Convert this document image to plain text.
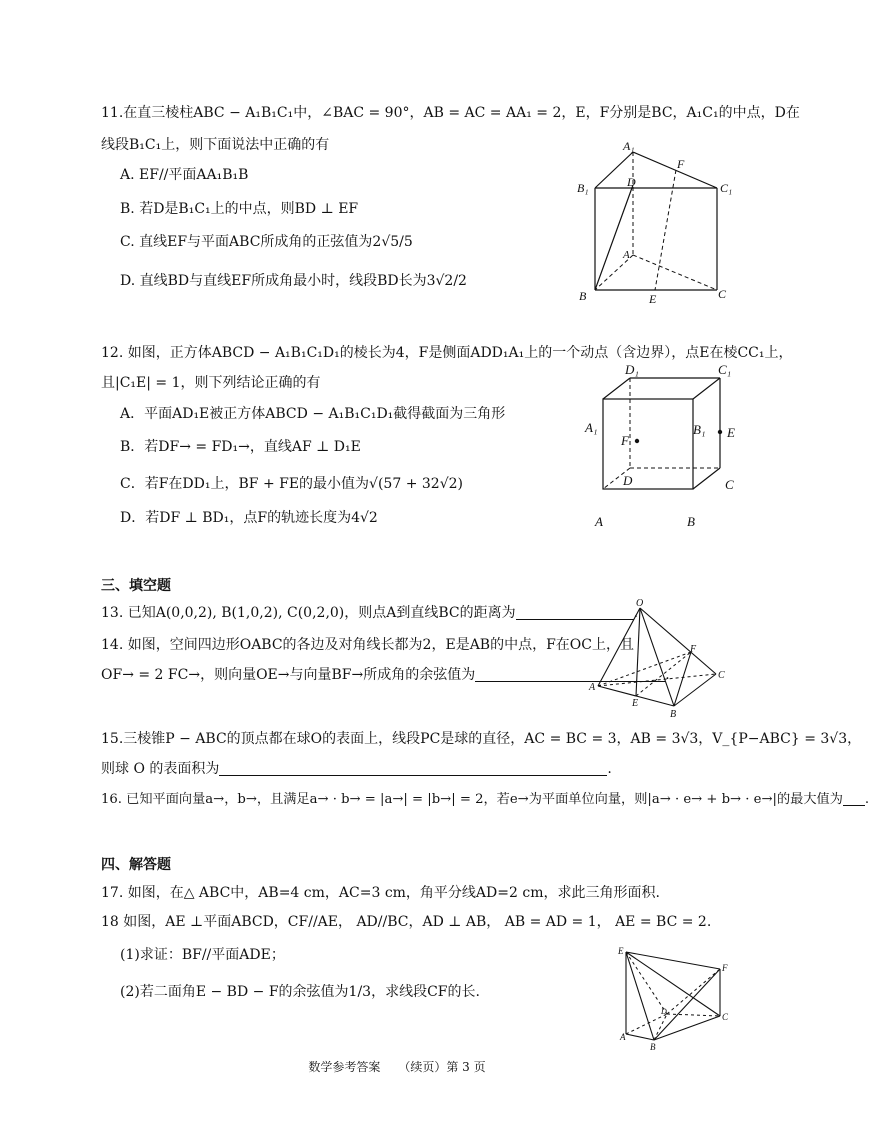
11.在直三棱柱ABC − A₁B₁C₁中，∠BAC = 90°，AB = AC = AA₁ = 2，E，F分别是BC，A₁C₁的中点，D在
线段B₁C₁上，则下面说法中正确的有
A. EF//平面AA₁B₁B
B. 若D是B₁C₁上的中点，则BD ⊥ EF
C. 直线EF与平面ABC所成角的正弦值为2√5/5
D. 直线BD与直线EF所成角最小时，线段BD长为3√2/2
A₁
B₁	C₁
D
F
A
B	E	C
12. 如图，正方体ABCD − A₁B₁C₁D₁的棱长为4，F是侧面ADD₁A₁上的一个动点（含边界），点E在棱CC₁上，
且|C₁E| = 1，则下列结论正确的有
A．平面AD₁E被正方体ABCD − A₁B₁C₁D₁截得截面为三角形
B．若DF→ = FD₁→，直线AF ⊥ D₁E
C．若F在DD₁上，BF + FE的最小值为√(57 + 32√2)
D．若DF ⊥ BD₁，点F的轨迹长度为4√2
D₁	C₁
A₁	B₁ E
F
D	C
A	B
三、填空题
13. 已知A(0,0,2), B(1,0,2), C(0,2,0)，则点A到直线BC的距离为	.
14. 如图，空间四边形OABC的各边及对角线长都为2，E是AB的中点，F在OC上，且
OF→ = 2 FC→，则向量OE→与向量BF→所成角的余弦值为	.
O
F
C
A
E
B
15.三棱锥P − ABC的顶点都在球O的表面上，线段PC是球的直径，AC = BC = 3，AB = 3√3，V_{P−ABC} = 3√3，
则球 O 的表面积为	.
16. 已知平面向量a→，b→，且满足a→ · b→ = |a→| = |b→| = 2，若e→为平面单位向量，则|a→ · e→ + b→ · e→|的最大值为 .
四、解答题
17. 如图，在△ ABC中，AB=4 cm，AC=3 cm，角平分线AD=2 cm，求此三角形面积.
18 如图，AE ⊥平面ABCD，CF//AE， AD//BC，AD ⊥ AB， AB = AD = 1， AE = BC = 2.
(1)求证：BF//平面ADE；
(2)若二面角E − BD − F的余弦值为1/3，求线段CF的长.
E
F
D
A
B
C
数学参考答案　　（续页）第 3 页
